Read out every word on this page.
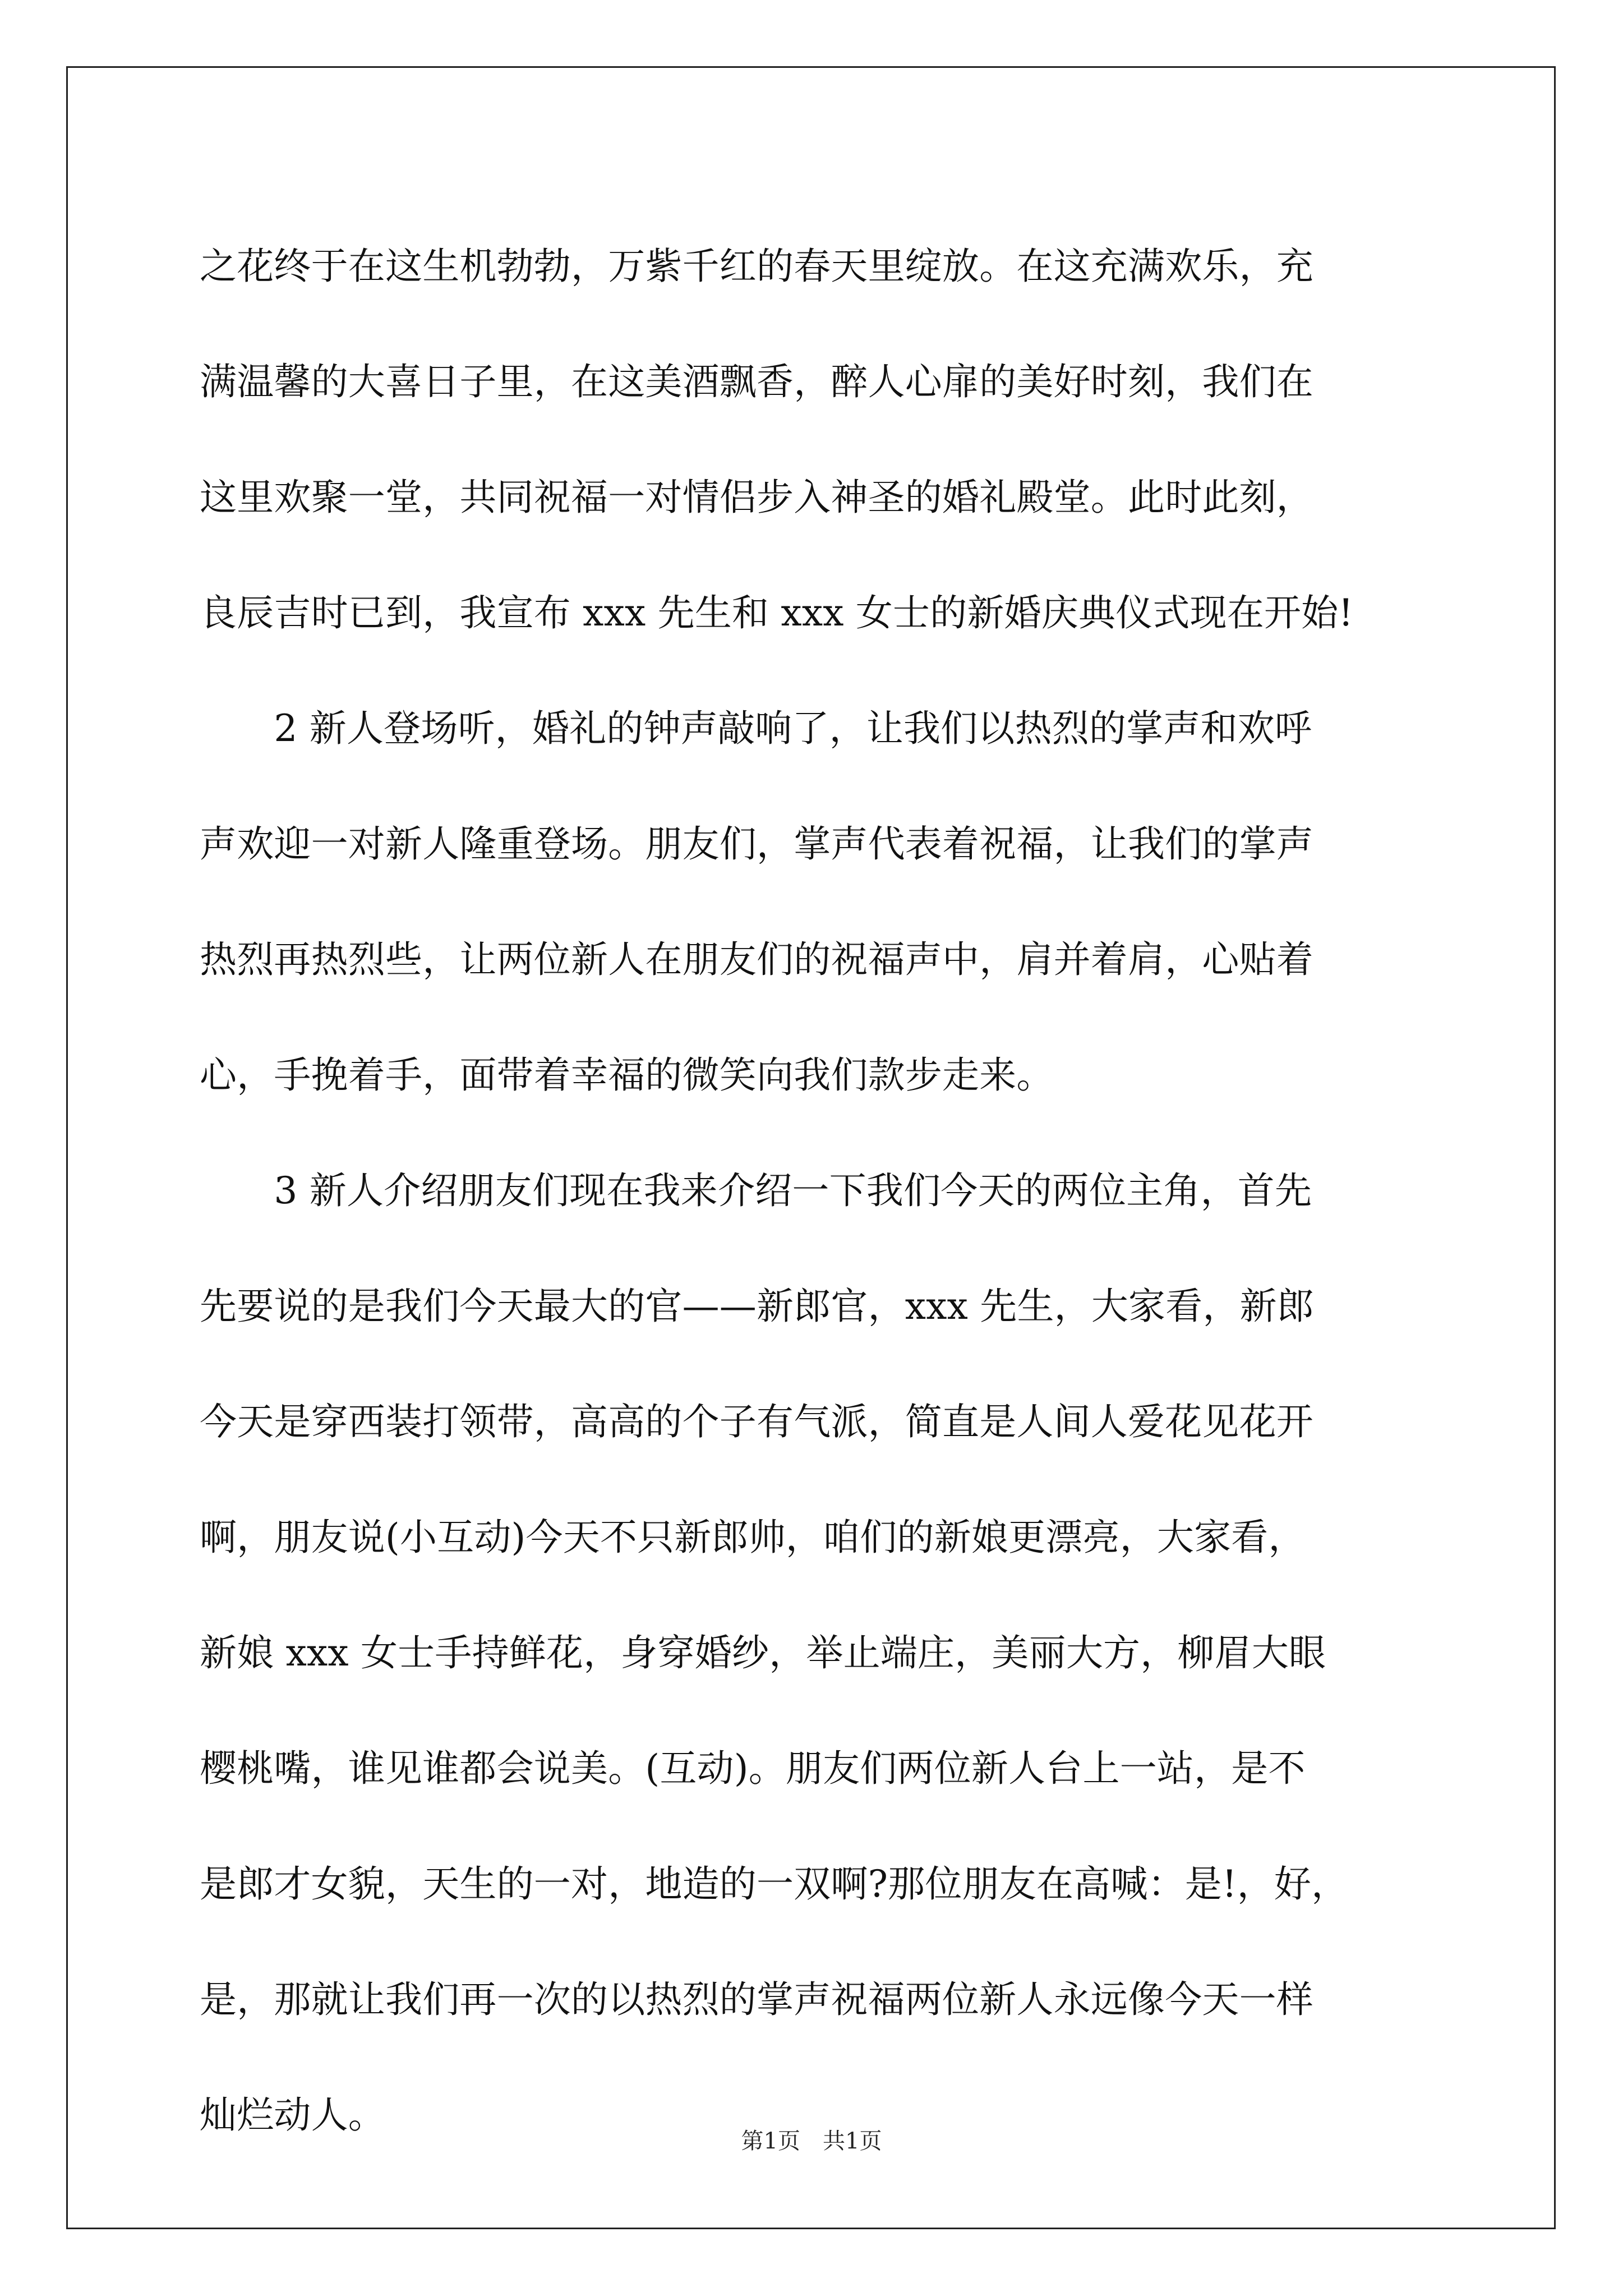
之花终于在这生机勃勃，万紫千红的春天里绽放。在这充满欢乐，充
满温馨的大喜日子里，在这美酒飘香，醉人心扉的美好时刻，我们在
这里欢聚一堂，共同祝福一对情侣步入神圣的婚礼殿堂。此时此刻，
良辰吉时已到，我宣布 xxx 先生和 xxx 女士的新婚庆典仪式现在开始!
　　2 新人登场听，婚礼的钟声敲响了，让我们以热烈的掌声和欢呼
声欢迎一对新人隆重登场。朋友们，掌声代表着祝福，让我们的掌声
热烈再热烈些，让两位新人在朋友们的祝福声中，肩并着肩，心贴着
心，手挽着手，面带着幸福的微笑向我们款步走来。
　　3 新人介绍朋友们现在我来介绍一下我们今天的两位主角，首先
先要说的是我们今天最大的官——新郎官，xxx 先生，大家看，新郎
今天是穿西装打领带，高高的个子有气派，简直是人间人爱花见花开
啊，朋友说(小互动)今天不只新郎帅，咱们的新娘更漂亮，大家看，
新娘 xxx 女士手持鲜花，身穿婚纱，举止端庄，美丽大方，柳眉大眼
樱桃嘴，谁见谁都会说美。(互动)。朋友们两位新人台上一站，是不
是郎才女貌，天生的一对，地造的一双啊?那位朋友在高喊：是!，好，
是，那就让我们再一次的以热烈的掌声祝福两位新人永远像今天一样
灿烂动人。
第1页　共1页
